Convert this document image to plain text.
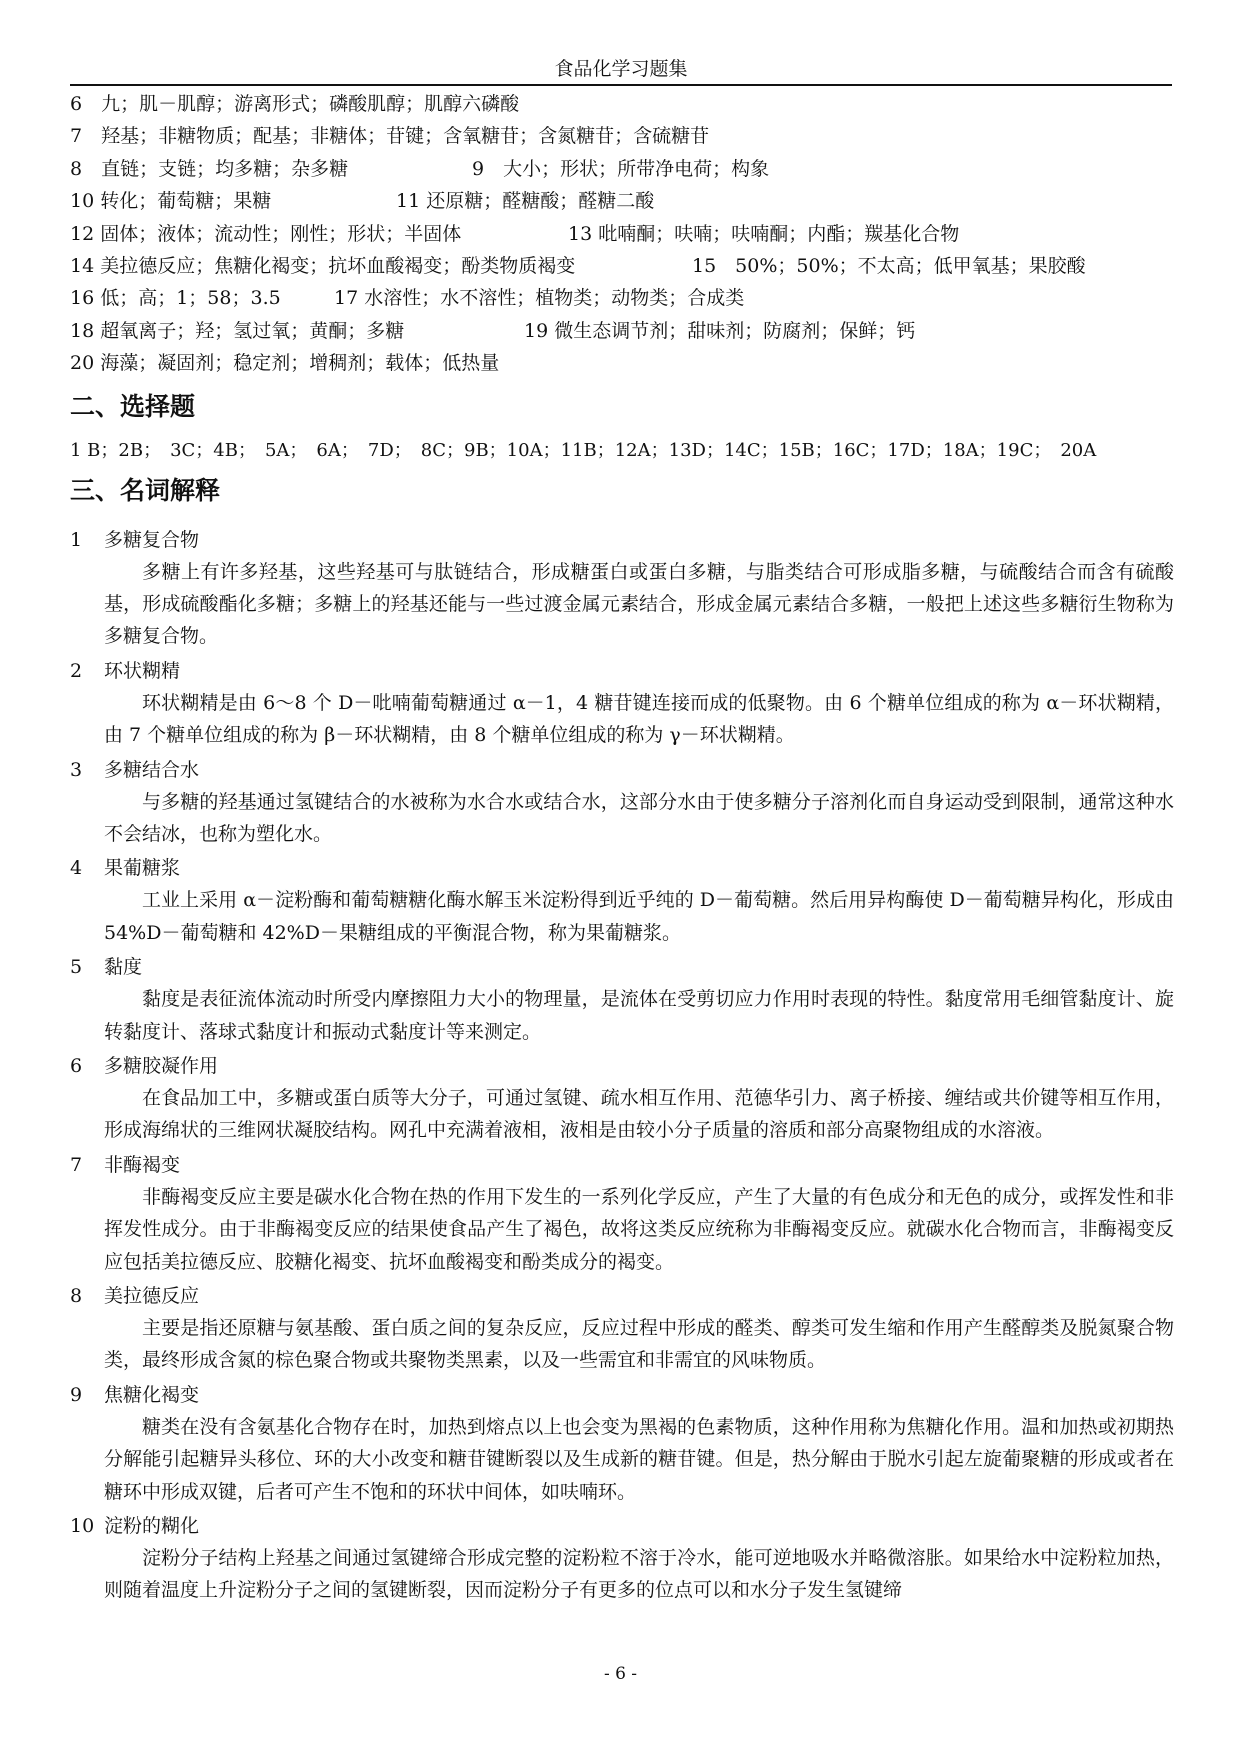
食品化学习题集
6　九；肌－肌醇；游离形式；磷酸肌醇；肌醇六磷酸
7　羟基；非糖物质；配基；非糖体；苷键；含氧糖苷；含氮糖苷；含硫糖苷
8　直链；支链；均多糖；杂多糖	9　大小；形状；所带净电荷；构象
10 转化；葡萄糖；果糖	11 还原糖；醛糖酸；醛糖二酸
12 固体；液体；流动性；刚性；形状；半固体	13 吡喃酮；呋喃；呋喃酮；内酯；羰基化合物
14 美拉德反应；焦糖化褐变；抗坏血酸褐变；酚类物质褐变	15　50%；50%；不太高；低甲氧基；果胶酸
16 低；高；1；58；3.5	17 水溶性；水不溶性；植物类；动物类；合成类
18 超氧离子；羟；氢过氧；黄酮；多糖	19 微生态调节剂；甜味剂；防腐剂；保鲜；钙
20 海藻；凝固剂；稳定剂；增稠剂；载体；低热量
二、选择题
1 B；2B；　3C；4B；　5A；　6A；　7D；　8C；9B；10A；11B；12A；13D；14C；15B；16C；17D；18A；19C；　20A
三、名词解释
1 多糖复合物

多糖上有许多羟基，这些羟基可与肽链结合，形成糖蛋白或蛋白多糖，与脂类结合可形成脂多糖，与硫酸结合而含有硫酸基，形成硫酸酯化多糖；多糖上的羟基还能与一些过渡金属元素结合，形成金属元素结合多糖，一般把上述这些多糖衍生物称为多糖复合物。

2 环状糊精

环状糊精是由 6～8 个 D－吡喃葡萄糖通过 α－1，4 糖苷键连接而成的低聚物。由 6 个糖单位组成的称为 α－环状糊精，由 7 个糖单位组成的称为 β－环状糊精，由 8 个糖单位组成的称为 γ－环状糊精。

3 多糖结合水

与多糖的羟基通过氢键结合的水被称为水合水或结合水，这部分水由于使多糖分子溶剂化而自身运动受到限制，通常这种水不会结冰，也称为塑化水。

4 果葡糖浆

工业上采用 α－淀粉酶和葡萄糖糖化酶水解玉米淀粉得到近乎纯的 D－葡萄糖。然后用异构酶使 D－葡萄糖异构化，形成由 54%D－葡萄糖和 42%D－果糖组成的平衡混合物，称为果葡糖浆。

5 黏度

黏度是表征流体流动时所受内摩擦阻力大小的物理量，是流体在受剪切应力作用时表现的特性。黏度常用毛细管黏度计、旋转黏度计、落球式黏度计和振动式黏度计等来测定。

6 多糖胶凝作用

在食品加工中，多糖或蛋白质等大分子，可通过氢键、疏水相互作用、范德华引力、离子桥接、缠结或共价键等相互作用，形成海绵状的三维网状凝胶结构。网孔中充满着液相，液相是由较小分子质量的溶质和部分高聚物组成的水溶液。

7 非酶褐变

非酶褐变反应主要是碳水化合物在热的作用下发生的一系列化学反应，产生了大量的有色成分和无色的成分，或挥发性和非挥发性成分。由于非酶褐变反应的结果使食品产生了褐色，故将这类反应统称为非酶褐变反应。就碳水化合物而言，非酶褐变反应包括美拉德反应、胶糖化褐变、抗坏血酸褐变和酚类成分的褐变。

8 美拉德反应

主要是指还原糖与氨基酸、蛋白质之间的复杂反应，反应过程中形成的醛类、醇类可发生缩和作用产生醛醇类及脱氮聚合物类，最终形成含氮的棕色聚合物或共聚物类黑素，以及一些需宜和非需宜的风味物质。

9 焦糖化褐变

糖类在没有含氨基化合物存在时，加热到熔点以上也会变为黑褐的色素物质，这种作用称为焦糖化作用。温和加热或初期热分解能引起糖异头移位、环的大小改变和糖苷键断裂以及生成新的糖苷键。但是，热分解由于脱水引起左旋葡聚糖的形成或者在糖环中形成双键，后者可产生不饱和的环状中间体，如呋喃环。

10 淀粉的糊化

淀粉分子结构上羟基之间通过氢键缔合形成完整的淀粉粒不溶于冷水，能可逆地吸水并略微溶胀。如果给水中淀粉粒加热，则随着温度上升淀粉分子之间的氢键断裂，因而淀粉分子有更多的位点可以和水分子发生氢键缔

- 6 -
